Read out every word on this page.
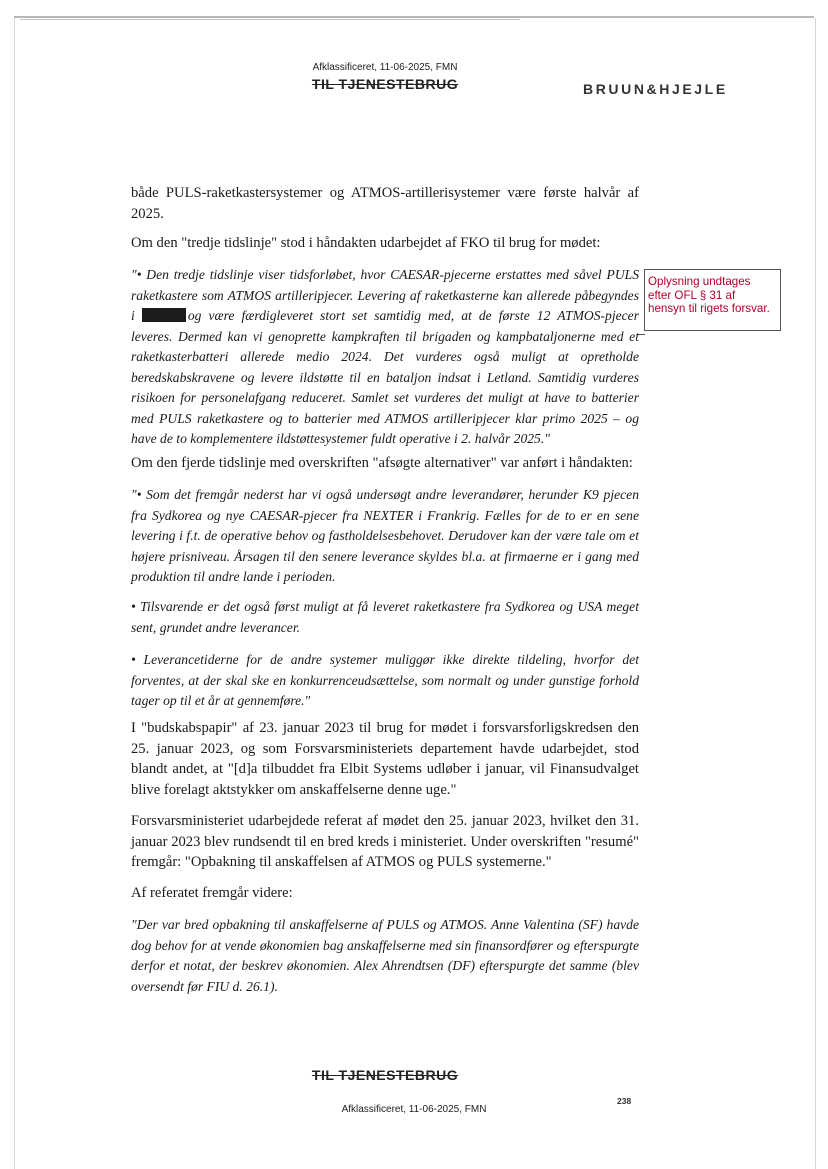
Afklassificeret, 11-06-2025, FMN
TIL TJENESTEBRUG	BRUUN&HJEJLE
Oplysning undtages
efter OFL § 31 af
hensyn til rigets forsvar.

både PULS-raketkastersystemer og ATMOS-artillerisystemer være første halvår af 2025.

Om den "tredje tidslinje" stod i håndakten udarbejdet af FKO til brug for mødet:

"• Den tredje tidslinje viser tidsforløbet, hvor CAESAR-pjecerne erstattes med såvel PULS raketkastere som ATMOS artilleripjecer. Levering af raketkasterne kan allerede påbegyndes i	og være færdigleveret stort set samtidig med, at de første 12 ATMOS-pjecer leveres. Dermed kan vi genoprette kampkraften til brigaden og kampbataljonerne med et raketkasterbatteri allerede medio 2024. Det vurderes også muligt at opretholde beredskabskravene og levere ildstøtte til en bataljon indsat i Letland. Samtidig vurderes risikoen for personelafgang reduceret. Samlet set vurderes det muligt at have to batterier med PULS raketkastere og to batterier med ATMOS artilleripjecer klar primo 2025 – og have de to komplementere ildstøttesystemer fuldt operative i 2. halvår 2025."

Om den fjerde tidslinje med overskriften "afsøgte alternativer" var anført i håndakten:

"• Som det fremgår nederst har vi også undersøgt andre leverandører, herunder K9 pjecen fra Sydkorea og nye CAESAR-pjecer fra NEXTER i Frankrig. Fælles for de to er en sene levering i f.t. de operative behov og fastholdelsesbehovet. Derudover kan der være tale om et højere prisniveau. Årsagen til den senere leverance skyldes bl.a. at firmaerne er i gang med produktion til andre lande i perioden.

• Tilsvarende er det også først muligt at få leveret raketkastere fra Sydkorea og USA meget sent, grundet andre leverancer.

• Leverancetiderne for de andre systemer muliggør ikke direkte tildeling, hvorfor det forventes, at der skal ske en konkurrenceudsættelse, som normalt og under gunstige forhold tager op til et år at gennemføre."

I "budskabspapir" af 23. januar 2023 til brug for mødet i forsvarsforligskredsen den 25. januar 2023, og som Forsvarsministeriets departement havde udarbejdet, stod blandt andet, at "[d]a tilbuddet fra Elbit Systems udløber i januar, vil Finansudvalget blive forelagt aktstykker om anskaffelserne denne uge."

Forsvarsministeriet udarbejdede referat af mødet den 25. januar 2023, hvilket den 31. januar 2023 blev rundsendt til en bred kreds i ministeriet. Under overskriften "resumé" fremgår: "Opbakning til anskaffelsen af ATMOS og PULS systemerne."

Af referatet fremgår videre:

"Der var bred opbakning til anskaffelserne af PULS og ATMOS. Anne Valentina (SF) havde dog behov for at vende økonomien bag anskaffelserne med sin finansordfører og efterspurgte derfor et notat, der beskrev økonomien. Alex Ahrendtsen (DF) efterspurgte det samme (blev oversendt før FIU d. 26.1).

TIL TJENESTEBRUG
238
Afklassificeret, 11-06-2025, FMN
